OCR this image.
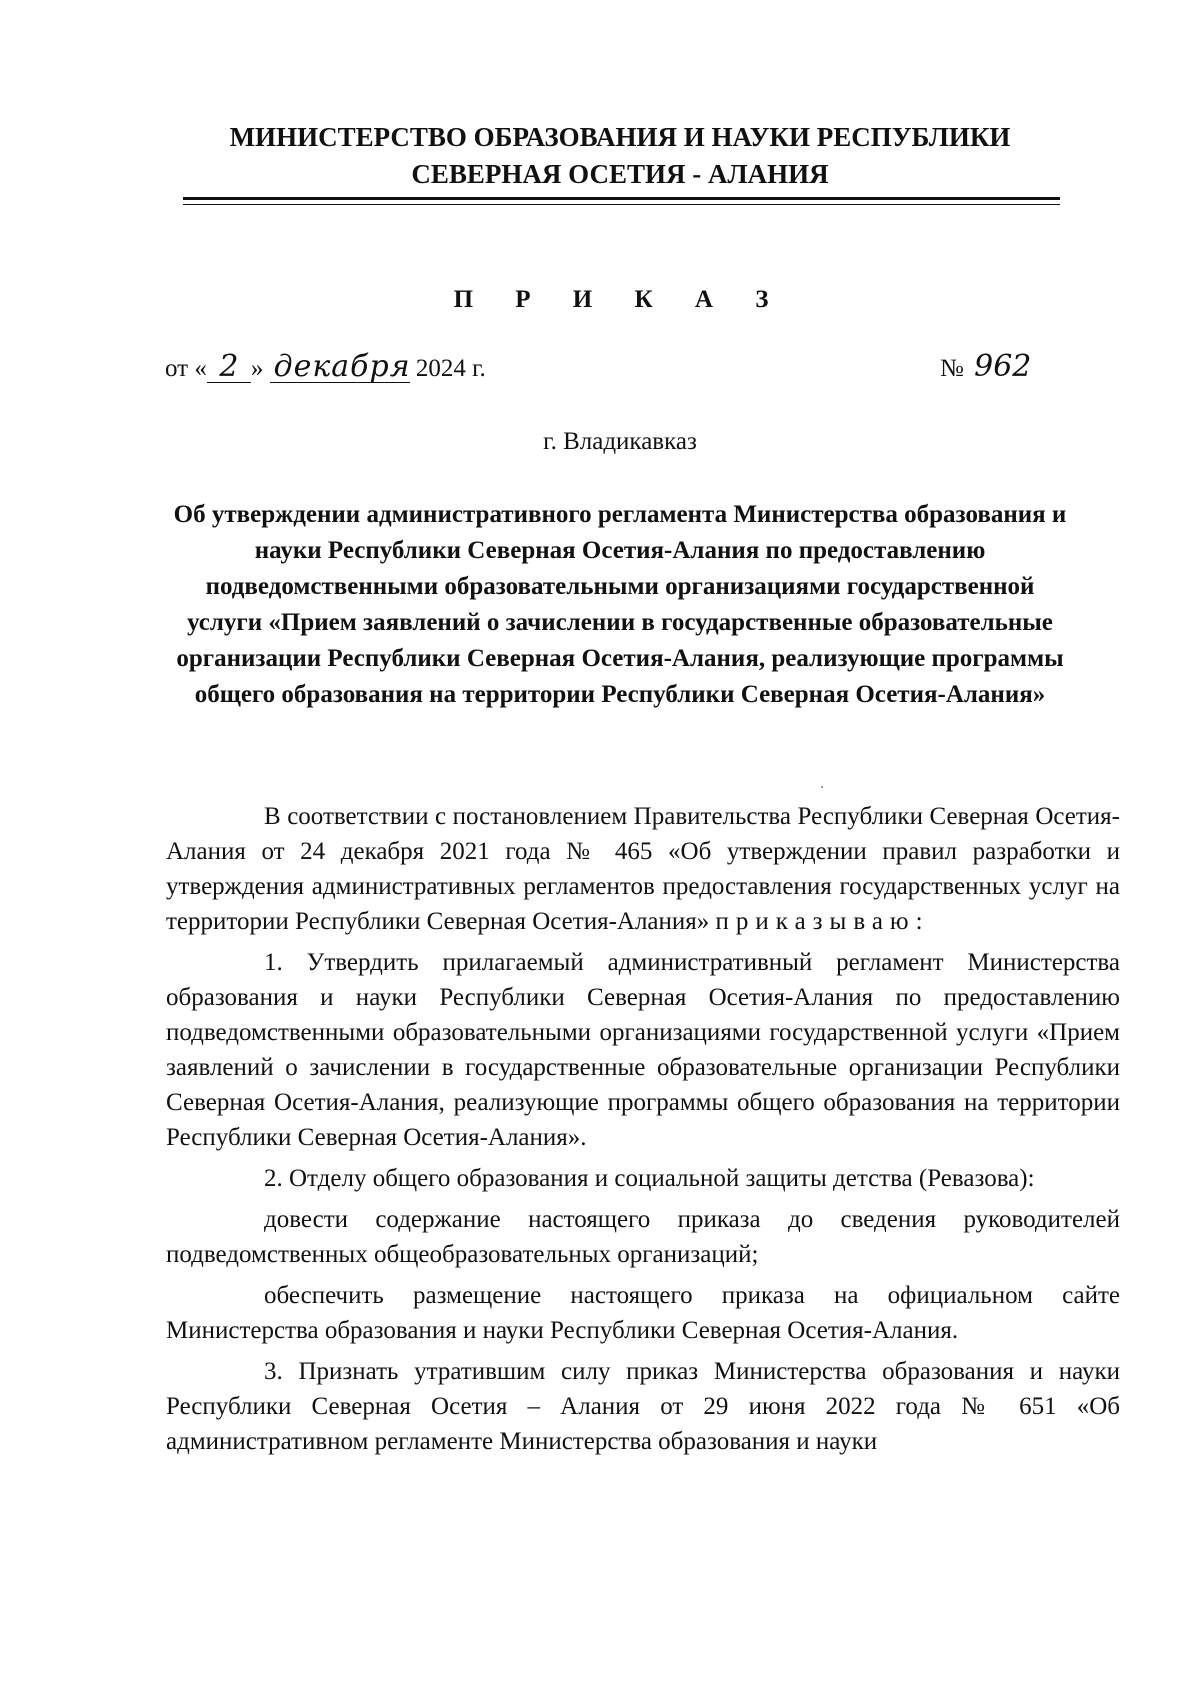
МИНИСТЕРСТВО ОБРАЗОВАНИЯ И НАУКИ РЕСПУБЛИКИ
СЕВЕРНАЯ ОСЕТИЯ - АЛАНИЯ
П Р И К А З
от « 2 » декабря 2024 г.	№ 962
г. Владикавказ
Об утверждении административного регламента Министерства образования и науки Республики Северная Осетия-Алания по предоставлению подведомственными образовательными организациями государственной услуги «Прием заявлений о зачислении в государственные образовательные организации Республики Северная Осетия-Алания, реализующие программы общего образования на территории Республики Северная Осетия-Алания»

В соответствии с постановлением Правительства Республики Северная Осетия-Алания от 24 декабря 2021 года № 465 «Об утверждении правил разработки и утверждения административных регламентов предоставления государственных услуг на территории Республики Северная Осетия-Алания» приказываю:

1. Утвердить прилагаемый административный регламент Министерства образования и науки Республики Северная Осетия-Алания по предоставлению подведомственными образовательными организациями государственной услуги «Прием заявлений о зачислении в государственные образовательные организации Республики Северная Осетия-Алания, реализующие программы общего образования на территории Республики Северная Осетия-Алания».

2. Отделу общего образования и социальной защиты детства (Ревазова):

довести содержание настоящего приказа до сведения руководителей подведомственных общеобразовательных организаций;

обеспечить размещение настоящего приказа на официальном сайте Министерства образования и науки Республики Северная Осетия-Алания.

3. Признать утратившим силу приказ Министерства образования и науки Республики Северная Осетия – Алания от 29 июня 2022 года № 651 «Об административном регламенте Министерства образования и науки
